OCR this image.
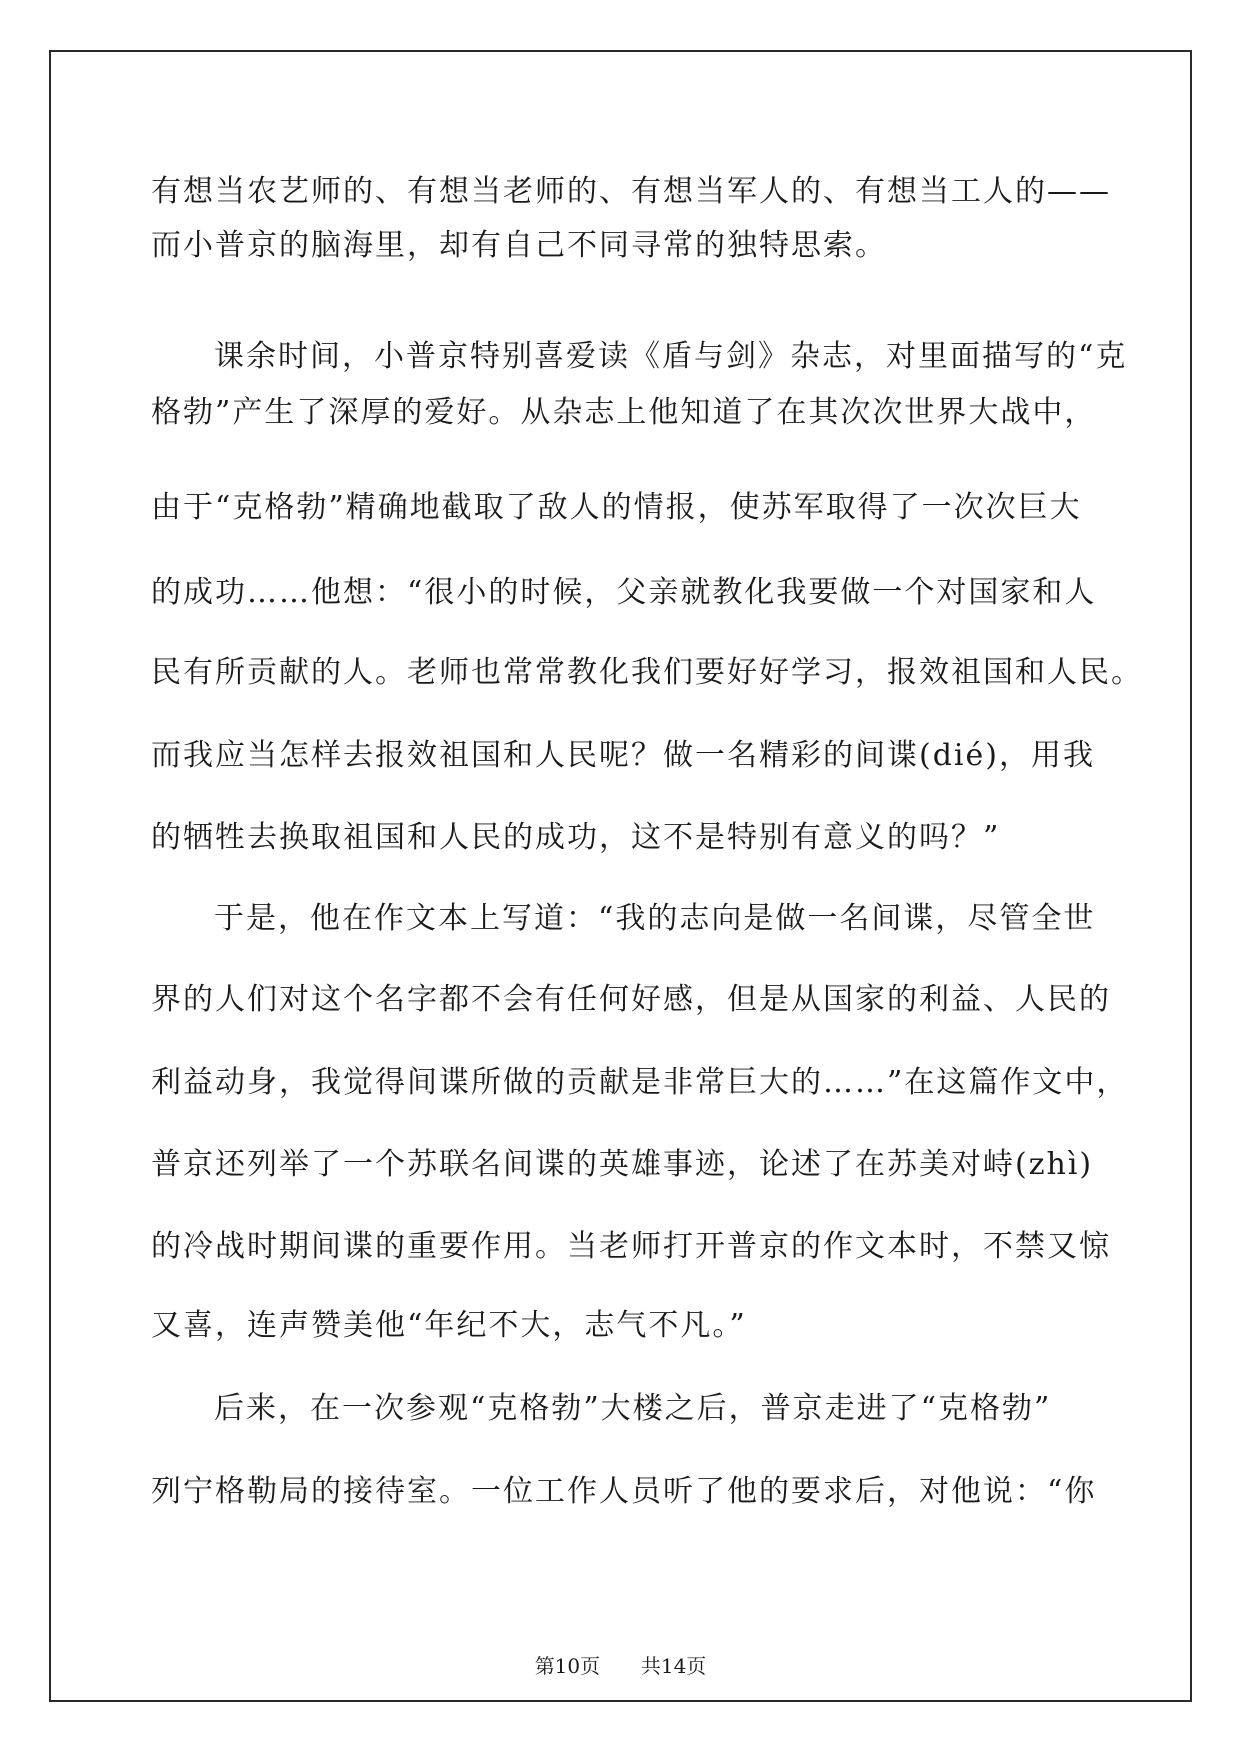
有想当农艺师的、有想当老师的、有想当军人的、有想当工人的——
而小普京的脑海里，却有自己不同寻常的独特思索。
课余时间，小普京特别喜爱读《盾与剑》杂志，对里面描写的“克
格勃”产生了深厚的爱好。从杂志上他知道了在其次次世界大战中，
由于“克格勃”精确地截取了敌人的情报，使苏军取得了一次次巨大
的成功……他想：“很小的时候，父亲就教化我要做一个对国家和人
民有所贡献的人。老师也常常教化我们要好好学习，报效祖国和人民。
而我应当怎样去报效祖国和人民呢？做一名精彩的间谍(dié)，用我
的牺牲去换取祖国和人民的成功，这不是特别有意义的吗？”
于是，他在作文本上写道：“我的志向是做一名间谍，尽管全世
界的人们对这个名字都不会有任何好感，但是从国家的利益、人民的
利益动身，我觉得间谍所做的贡献是非常巨大的……”在这篇作文中，
普京还列举了一个苏联名间谍的英雄事迹，论述了在苏美对峙(zhì)
的冷战时期间谍的重要作用。当老师打开普京的作文本时，不禁又惊
又喜，连声赞美他“年纪不大，志气不凡。”
后来，在一次参观“克格勃”大楼之后，普京走进了“克格勃”
列宁格勒局的接待室。一位工作人员听了他的要求后，对他说：“你
第10页 共14页
